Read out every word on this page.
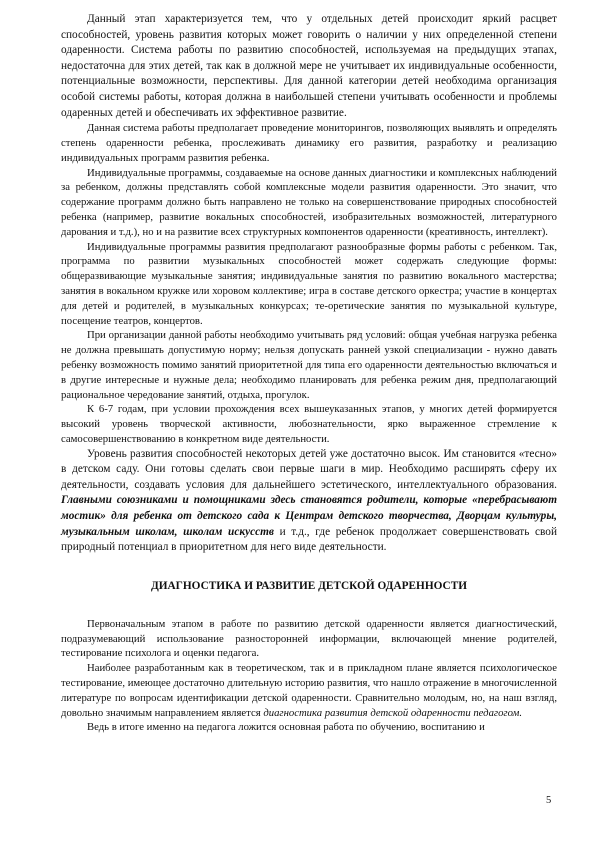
Данный этап характеризуется тем, что у отдельных детей происходит яркий расцвет способностей, уровень развития которых может говорить о наличии у них определенной степени одаренности. Система работы по развитию способностей, используемая на предыдущих этапах, недостаточна для этих детей, так как в должной мере не учитывает их индивидуальные особенности, потенциальные возможности, перспективы. Для данной категории детей необходима организация особой системы работы, которая должна в наибольшей степени учитывать особенности и проблемы одаренных детей и обеспечивать их эффективное развитие.

Данная система работы предполагает проведение мониторингов, позволяющих выявлять и определять степень одаренности ребенка, прослеживать динамику его развития, разработку и реализацию индивидуальных программ развития ребенка.

Индивидуальные программы, создаваемые на основе данных диагностики и комплексных наблюдений за ребенком, должны представлять собой комплексные модели развития одаренности. Это значит, что содержание программ должно быть направлено не только на совершенствование природных способностей ребенка (например, развитие вокальных способностей, изобразительных возможностей, литературного дарования и т.д.), но и на развитие всех структурных компонентов одаренности (креативность, интеллект).

Индивидуальные программы развития предполагают разнообразные формы работы с ребенком. Так, программа по развитии музыкальных способностей может содержать следующие формы: общеразвивающие музыкальные занятия; индивидуальные занятия по развитию вокального мастерства; занятия в вокальном кружке или хоровом коллективе; игра в составе детского оркестра; участие в концертах для детей и родителей, в музыкальных конкурсах; те-оретические занятия по музыкальной культуре, посещение театров, концертов.

При организации данной работы необходимо учитывать ряд условий: общая учебная нагрузка ребенка не должна превышать допустимую норму; нельзя допускать ранней узкой специализации - нужно давать ребенку возможность помимо занятий приоритетной для типа его одаренности деятельностью включаться и в другие интересные и нужные дела; необходимо планировать для ребенка режим дня, предполагающий рациональное чередование занятий, отдыха, прогулок.

К 6-7 годам, при условии прохождения всех вышеуказанных этапов, у многих детей формируется высокий уровень творческой активности, любознательности, ярко выраженное стремление к самосовершенствованию в конкретном виде деятельности.

Уровень развития способностей некоторых детей уже достаточно высок. Им становится «тесно» в детском саду. Они готовы сделать свои первые шаги в мир. Необходимо расширять сферу их деятельности, создавать условия для дальнейшего эстетического, интеллектуального образования. Главными союзниками и помощниками здесь становятся родители, которые «перебрасывают мостик» для ребенка от детского сада к Центрам детского творчества, Дворцам культуры, музыкальным школам, школам искусств и т.д., где ребенок продолжает совершенствовать свой природный потенциал в приоритетном для него виде деятельности.

ДИАГНОСТИКА И РАЗВИТИЕ ДЕТСКОЙ ОДАРЕННОСТИ

Первоначальным этапом в работе по развитию детской одаренности является диагностический, подразумевающий использование разносторонней информации, включающей мнение родителей, тестирование психолога и оценки педагога.

Наиболее разработанным как в теоретическом, так и в прикладном плане является психологическое тестирование, имеющее достаточно длительную историю развития, что нашло отражение в многочисленной литературе по вопросам идентификации детской одаренности. Сравнительно молодым, но, на наш взгляд, довольно значимым направлением является диагностика развития детской одаренности педагогом.

Ведь в итоге именно на педагога ложится основная работа по обучению, воспитанию и

5
